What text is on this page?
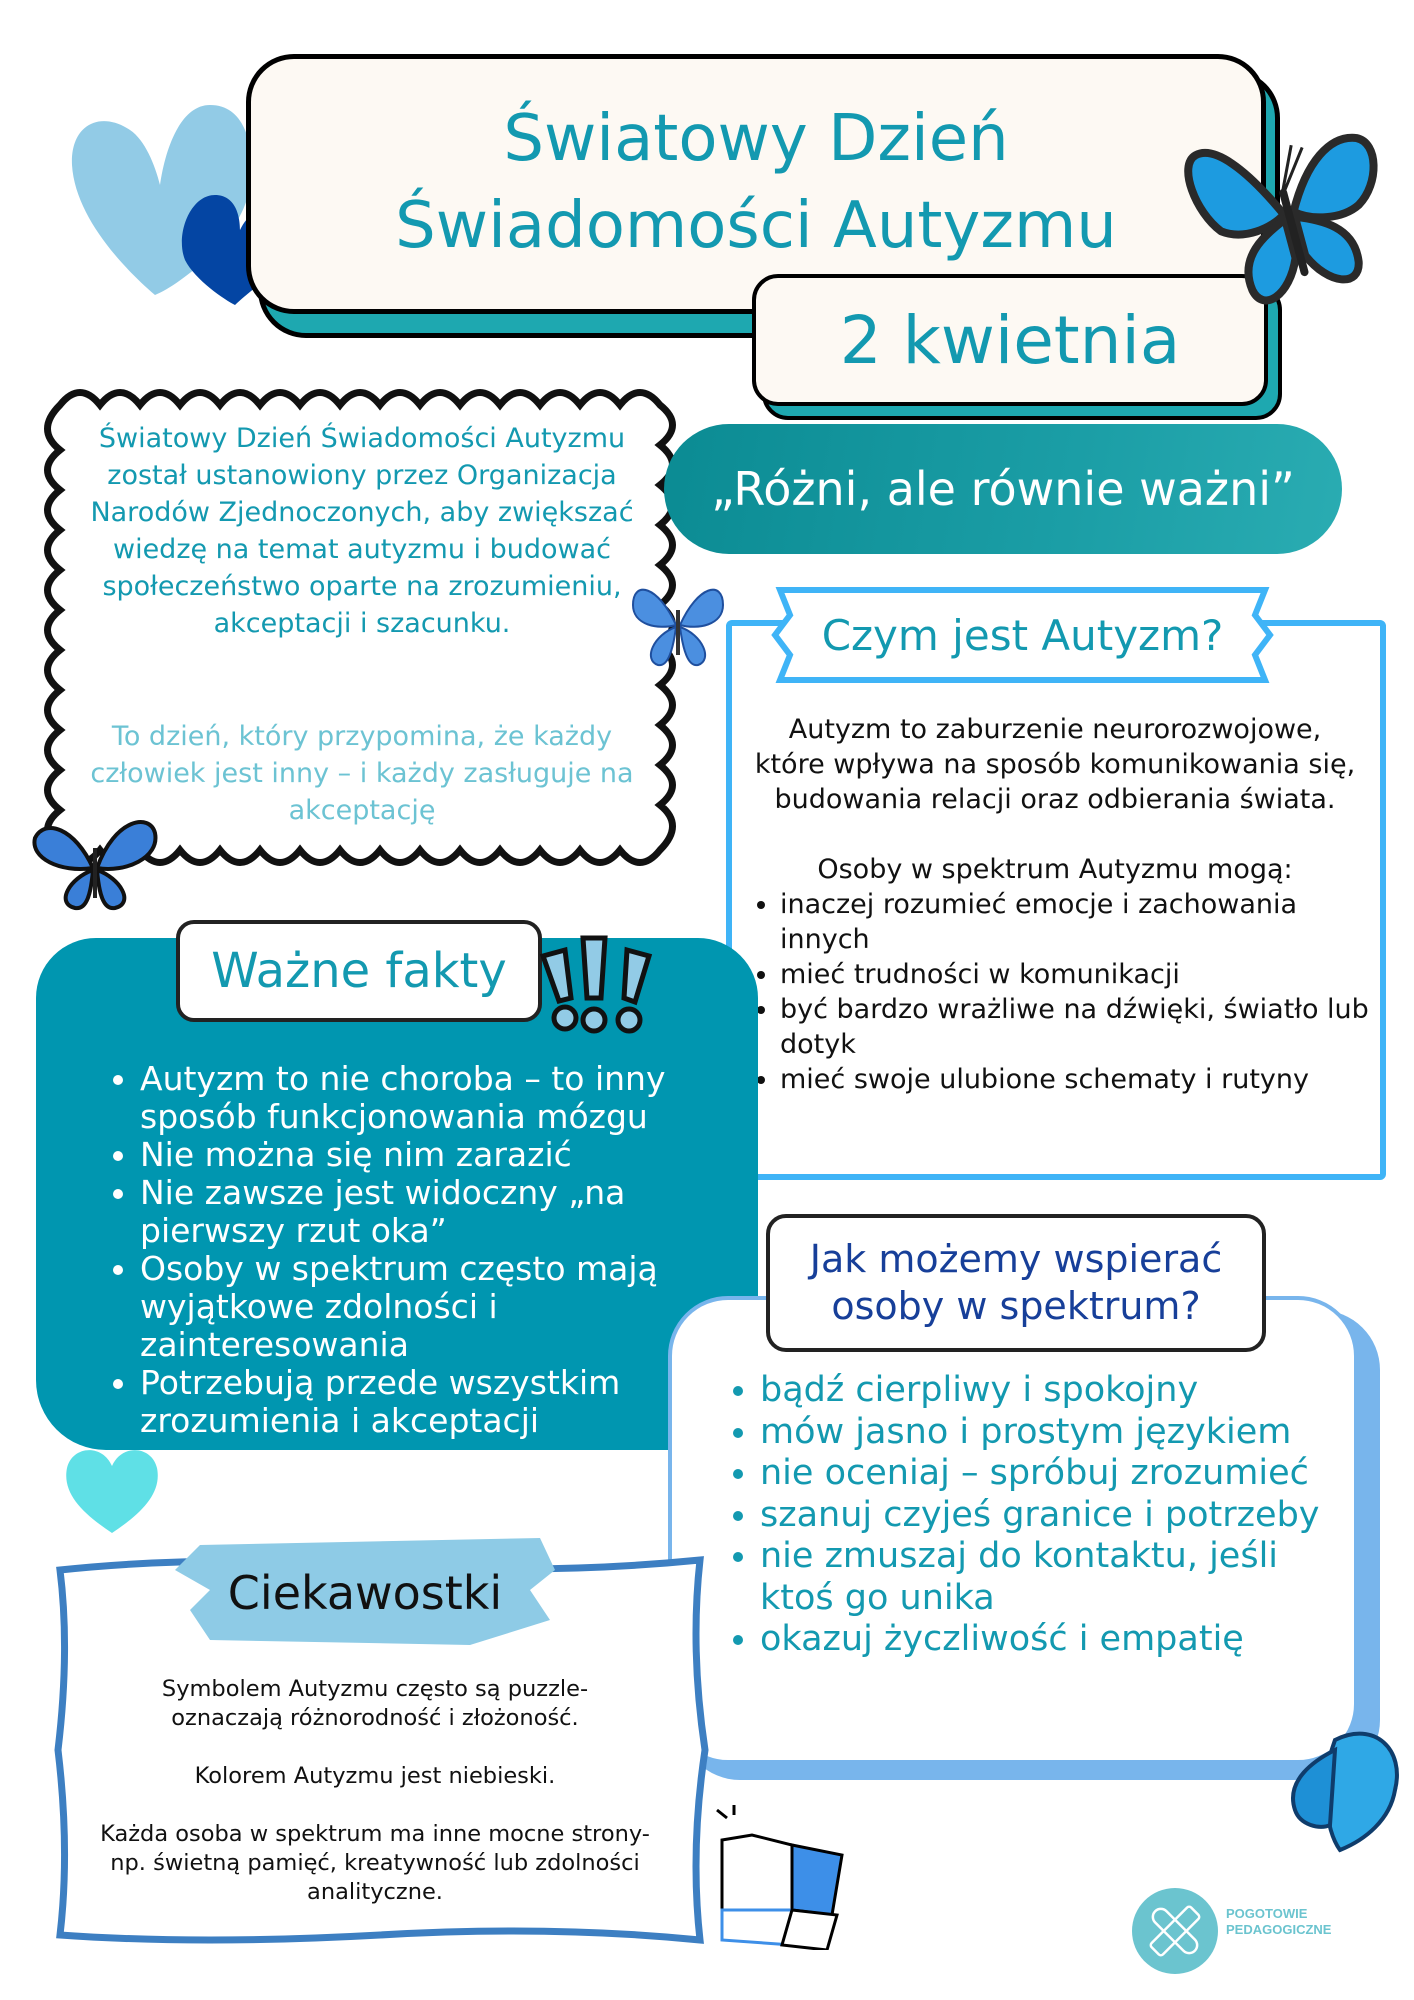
Światowy Dzień
Świadomości Autyzmu
2 kwietnia
Światowy Dzień Świadomości Autyzmu został ustanowiony przez Organizacja Narodów Zjednoczonych, aby zwiększać wiedzę na temat autyzmu i budować społeczeństwo oparte na zrozumieniu, akceptacji i szacunku.
To dzień, który przypomina, że każdy człowiek jest inny – i każdy zasługuje na akceptację
„Różni, ale równie ważni”
Czym jest Autyzm?

Autyzm to zaburzenie neurorozwojowe, które wpływa na sposób komunikowania się, budowania relacji oraz odbierania świata.

Osoby w spektrum Autyzmu mogą:

• inaczej rozumieć emocje i zachowania innych
• mieć trudności w komunikacji
• być bardzo wrażliwe na dźwięki, światło lub dotyk
• mieć swoje ulubione schematy i rutyny
Ważne fakty
• Autyzm to nie choroba – to inny sposób funkcjonowania mózgu
• Nie można się nim zarazić
• Nie zawsze jest widoczny „na pierwszy rzut oka”
• Osoby w spektrum często mają wyjątkowe zdolności i zainteresowania
• Potrzebują przede wszystkim zrozumienia i akceptacji
Jak możemy wspierać osoby w spektrum?
• bądź cierpliwy i spokojny
• mów jasno i prostym językiem
• nie oceniaj – spróbuj zrozumieć
• szanuj czyjeś granice i potrzeby
• nie zmuszaj do kontaktu, jeśli ktoś go unika
• okazuj życzliwość i empatię
Ciekawostki

Symbolem Autyzmu często są puzzle- oznaczają różnorodność i złożoność.

Kolorem Autyzmu jest niebieski.

Każda osoba w spektrum ma inne mocne strony- np. świetną pamięć, kreatywność lub zdolności analityczne.

POGOTOWIE
PEDAGOGICZNE
